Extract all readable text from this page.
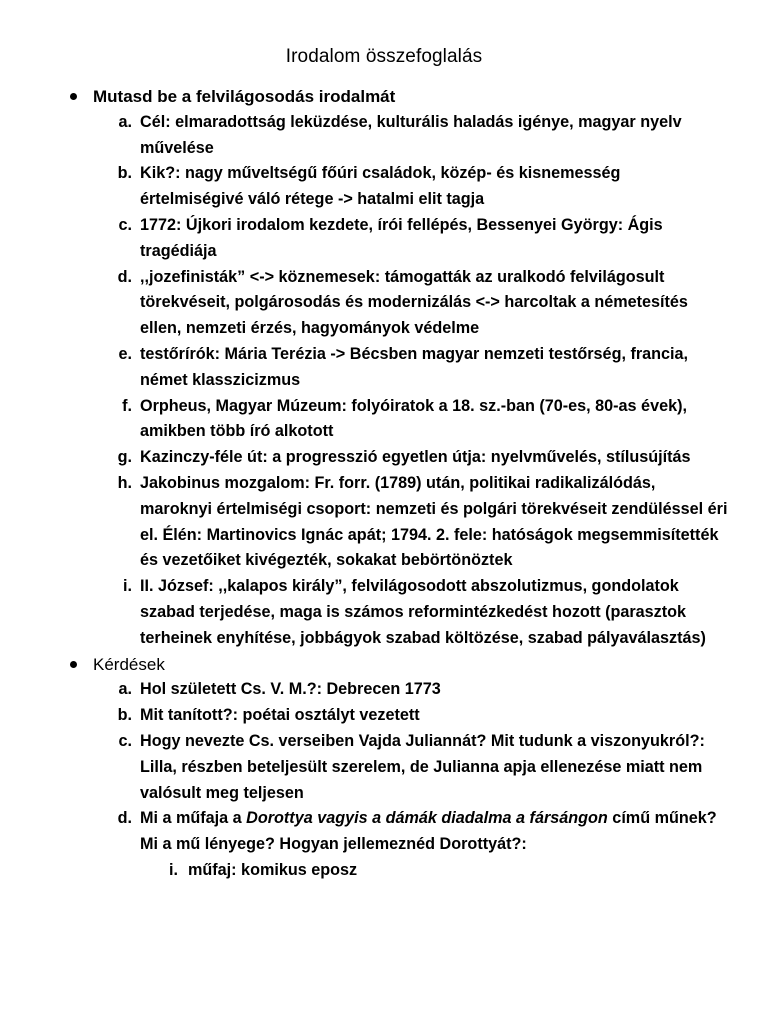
Irodalom összefoglalás
Mutasd be a felvilágosodás irodalmát
a. Cél: elmaradottság leküzdése, kulturális haladás igénye, magyar nyelv művelése
b. Kik?: nagy műveltségű főúri családok, közép- és kisnemesség értelmiségivé váló rétege -> hatalmi elit tagja
c. 1772: Újkori irodalom kezdete, írói fellépés, Bessenyei György: Ágis tragédiája
d. ,,jozefinisták” <-> köznemesek: támogatták az uralkodó felvilágosult törekvéseit, polgárosodás és modernizálás <-> harcoltak a németesítés ellen, nemzeti érzés, hagyományok védelme
e. testőrírók: Mária Terézia -> Bécsben magyar nemzeti testőrség, francia, német klasszicizmus
f. Orpheus, Magyar Múzeum: folyóiratok a 18. sz.-ban (70-es, 80-as évek), amikben több író alkotott
g. Kazinczy-féle út: a progresszió egyetlen útja: nyelvművelés, stílusújítás
h. Jakobinus mozgalom: Fr. forr. (1789) után, politikai radikalizálódás, maroknyi értelmiségi csoport: nemzeti és polgári törekvéseit zendüléssel éri el. Élén: Martinovics Ignác apát; 1794. 2. fele: hatóságok megsemmisítették és vezetőiket kivégezték, sokakat bebörtönöztek
i. II. József: ,,kalapos király”, felvilágosodott abszolutizmus, gondolatok szabad terjedése, maga is számos reformintézkedést hozott (parasztok terheinek enyhítése, jobbágyok szabad költözése, szabad pályaválasztás)
Kérdések
a. Hol született Cs. V. M.?: Debrecen 1773
b. Mit tanított?: poétai osztályt vezetett
c. Hogy nevezte Cs. verseiben Vajda Juliannát? Mit tudunk a viszonyukról?: Lilla, részben beteljesült szerelem, de Julianna apja ellenezése miatt nem valósult meg teljesen
d. Mi a műfaja a Dorottya vagyis a dámák diadalma a fársángon című műnek? Mi a mű lényege? Hogyan jellemeznéd Dorottyát?:
i. műfaj: komikus eposz
